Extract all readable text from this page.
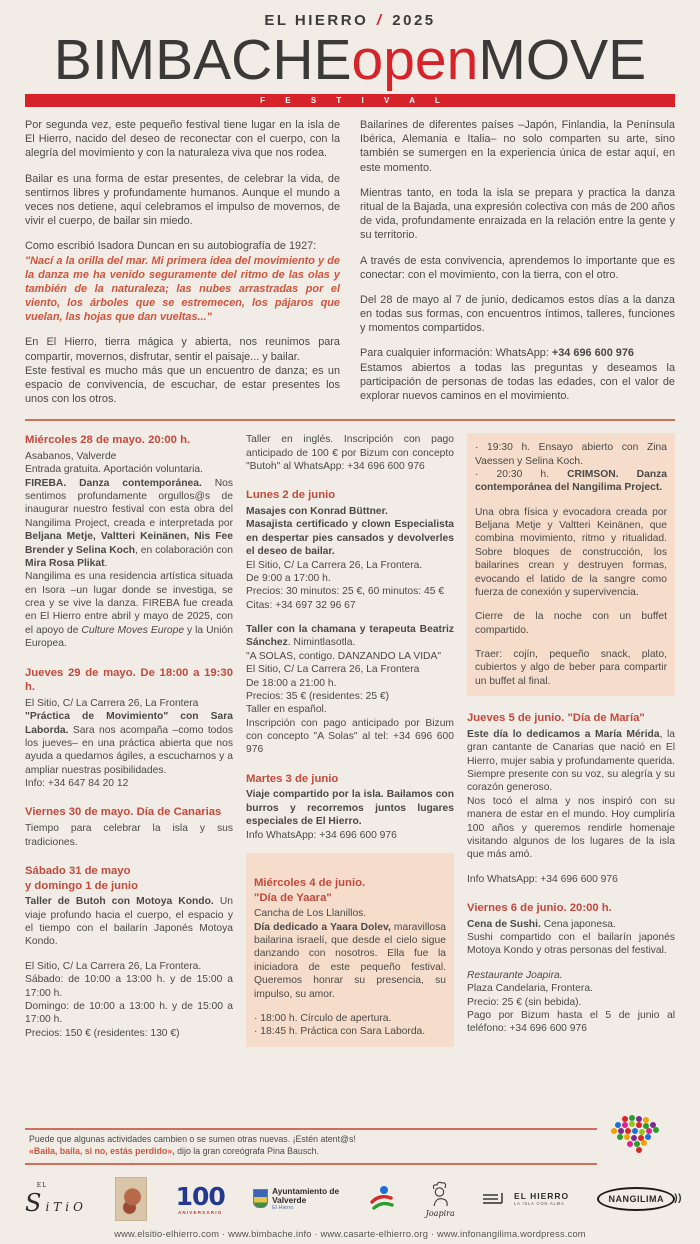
EL HIERRO / 2025
BIMBACHEopenMOVE
F E S T I V A L
Por segunda vez, este pequeño festival tiene lugar en la isla de El Hierro, nacido del deseo de reconectar con el cuerpo, con la alegría del movimiento y con la naturaleza viva que nos rodea.
Bailar es una forma de estar presentes, de celebrar la vida, de sentirnos libres y profundamente humanos. Aunque el mundo a veces nos detiene, aquí celebramos el impulso de movernos, de vivir el cuerpo, de bailar sin miedo.
Como escribió Isadora Duncan en su autobiografía de 1927:
"Nací a la orilla del mar. Mi primera idea del movimiento y de la danza me ha venido seguramente del ritmo de las olas y también de la naturaleza; las nubes arrastradas por el viento, los árboles que se estremecen, los pájaros que vuelan, las hojas que dan vueltas..."
En El Hierro, tierra mágica y abierta, nos reunimos para compartir, movernos, disfrutar, sentir el paisaje... y bailar.
Este festival es mucho más que un encuentro de danza; es un espacio de convivencia, de escuchar, de estar presentes los unos con los otros.
Bailarines de diferentes países –Japón, Finlandia, la Península Ibérica, Alemania e Italia– no solo comparten su arte, sino también se sumergen en la experiencia única de estar aquí, en este momento.
Mientras tanto, en toda la isla se prepara y practica la danza ritual de la Bajada, una expresión colectiva con más de 200 años de vida, profundamente enraizada en la relación entre la gente y su territorio.
A través de esta convivencia, aprendemos lo importante que es conectar: con el movimiento, con la tierra, con el otro.
Del 28 de mayo al 7 de junio, dedicamos estos días a la danza en todas sus formas, con encuentros íntimos, talleres, funciones y momentos compartidos.
Para cualquier información: WhatsApp: +34 696 600 976
Estamos abiertos a todas las preguntas y deseamos la participación de personas de todas las edades, con el valor de explorar nuevos caminos en el movimiento.
Miércoles 28 de mayo. 20:00 h.
Asabanos, Valverde
Entrada gratuita. Aportación voluntaria.
FIREBA. Danza contemporánea. Nos sentimos profundamente orgullos@s de inaugurar nuestro festival con esta obra del Nangilima Project, creada e interpretada por Beljana Metje, Valtteri Keinänen, Nis Fee Brender y Selina Koch, en colaboración con Mira Rosa Plikat.
Nangilima es una residencia artística situada en Isora –un lugar donde se investiga, se crea y se vive la danza. FIREBA fue creada en El Hierro entre abril y mayo de 2025, con el apoyo de Culture Moves Europe y la Unión Europea.
Jueves 29 de mayo. De 18:00 a 19:30 h.
El Sitio, C/ La Carrera 26, La Frontera
"Práctica de Movimiento" con Sara Laborda. Sara nos acompaña –como todos los jueves– en una práctica abierta que nos ayuda a quedarnos ágiles, a escucharnos y a ampliar nuestras posibilidades.
Info: +34 647 84 20 12
Viernes 30 de mayo. Día de Canarias
Tiempo para celebrar la isla y sus tradiciones.
Sábado 31 de mayo
y domingo 1 de junio
Taller de Butoh con Motoya Kondo. Un viaje profundo hacia el cuerpo, el espacio y el tiempo con el bailarín Japonés Motoya Kondo.
El Sitio, C/ La Carrera 26, La Frontera.
Sábado: de 10:00 a 13:00 h. y de 15:00 a 17:00 h.
Domingo: de 10:00 a 13:00 h. y de 15:00 a 17:00 h.
Precios: 150 € (residentes: 130 €)
Taller en inglés. Inscripción con pago anticipado de 100 € por Bizum con concepto "Butoh" al WhatsApp: +34 696 600 976
Lunes 2 de junio
Masajes con Konrad Büttner.
Masajista certificado y clown Especialista en despertar pies cansados y devolverles el deseo de bailar.
El Sitio, C/ La Carrera 26, La Frontera.
De 9:00 a 17:00 h.
Precios: 30 minutos: 25 €, 60 minutos: 45 €
Citas: +34 697 32 96 67
Taller con la chamana y terapeuta Beatriz Sánchez. Nimintlasotla.
"A SOLAS, contigo. DANZANDO LA VIDA"
El Sitio, C/ La Carrera 26, La Frontera
De 18:00 a 21:00 h.
Precios: 35 € (residentes: 25 €)
Taller en español.
Inscripción con pago anticipado por Bizum con concepto "A Solas" al tel: +34 696 600 976
Martes 3 de junio
Viaje compartido por la isla. Bailamos con burros y recorremos juntos lugares especiales de El Hierro.
Info WhatsApp: +34 696 600 976
Miércoles 4 de junio.
"Día de Yaara"
Cancha de Los Llanillos.
Día dedicado a Yaara Dolev, maravillosa bailarina israelí, que desde el cielo sigue danzando con nosotros. Ella fue la iniciadora de este pequeño festival. Queremos honrar su presencia, su impulso, su amor.
· 18:00 h. Círculo de apertura.
· 18:45 h. Práctica con Sara Laborda.
· 19:30 h. Ensayo abierto con Zina Vaessen y Selina Koch.
· 20:30 h. CRIMSON. Danza contemporánea del Nangilima Project.
Una obra física y evocadora creada por Beljana Metje y Valtteri Keinänen, que combina movimiento, ritmo y ritualidad. Sobre bloques de construcción, los bailarines crean y destruyen formas, evocando el latido de la sangre como fuerza de conexión y supervivencia.
Cierre de la noche con un buffet compartido.
Traer: cojín, pequeño snack, plato, cubiertos y algo de beber para compartir un buffet al final.
Jueves 5 de junio. "Día de María"
Este día lo dedicamos a María Mérida, la gran cantante de Canarias que nació en El Hierro, mujer sabia y profundamente querida. Siempre presente con su voz, su alegría y su corazón generoso.
Nos tocó el alma y nos inspiró con su manera de estar en el mundo. Hoy cumpliría 100 años y queremos rendirle homenaje visitando algunos de los lugares de la isla que más amó.
Info WhatsApp: +34 696 600 976
Viernes 6 de junio. 20:00 h.
Cena de Sushi. Cena japonesa.
Sushi compartido con el bailarín japonés Motoya Kondo y otras personas del festival.
Restaurante Joapira.
Plaza Candelaria, Frontera.
Precio: 25 € (sin bebida).
Pago por Bizum hasta el 5 de junio al teléfono: +34 696 600 976
Puede que algunas actividades cambien o se sumen otras nuevas. ¡Estén atent@s!
«Baila, baila, si no, estás perdido», dijo la gran coreógrafa Pina Bausch.
EL
SiTiO	100
ANIVERSARIO
Ayuntamiento de
Valverde
El Hierro
Joapira
EL HIERRO
LA ISLA CON ALMA	NANGILIMA ))
www.elsitio-elhierro.com · www.bimbache.info · www.casarte-elhierro.org · www.infonangilima.wordpress.com
